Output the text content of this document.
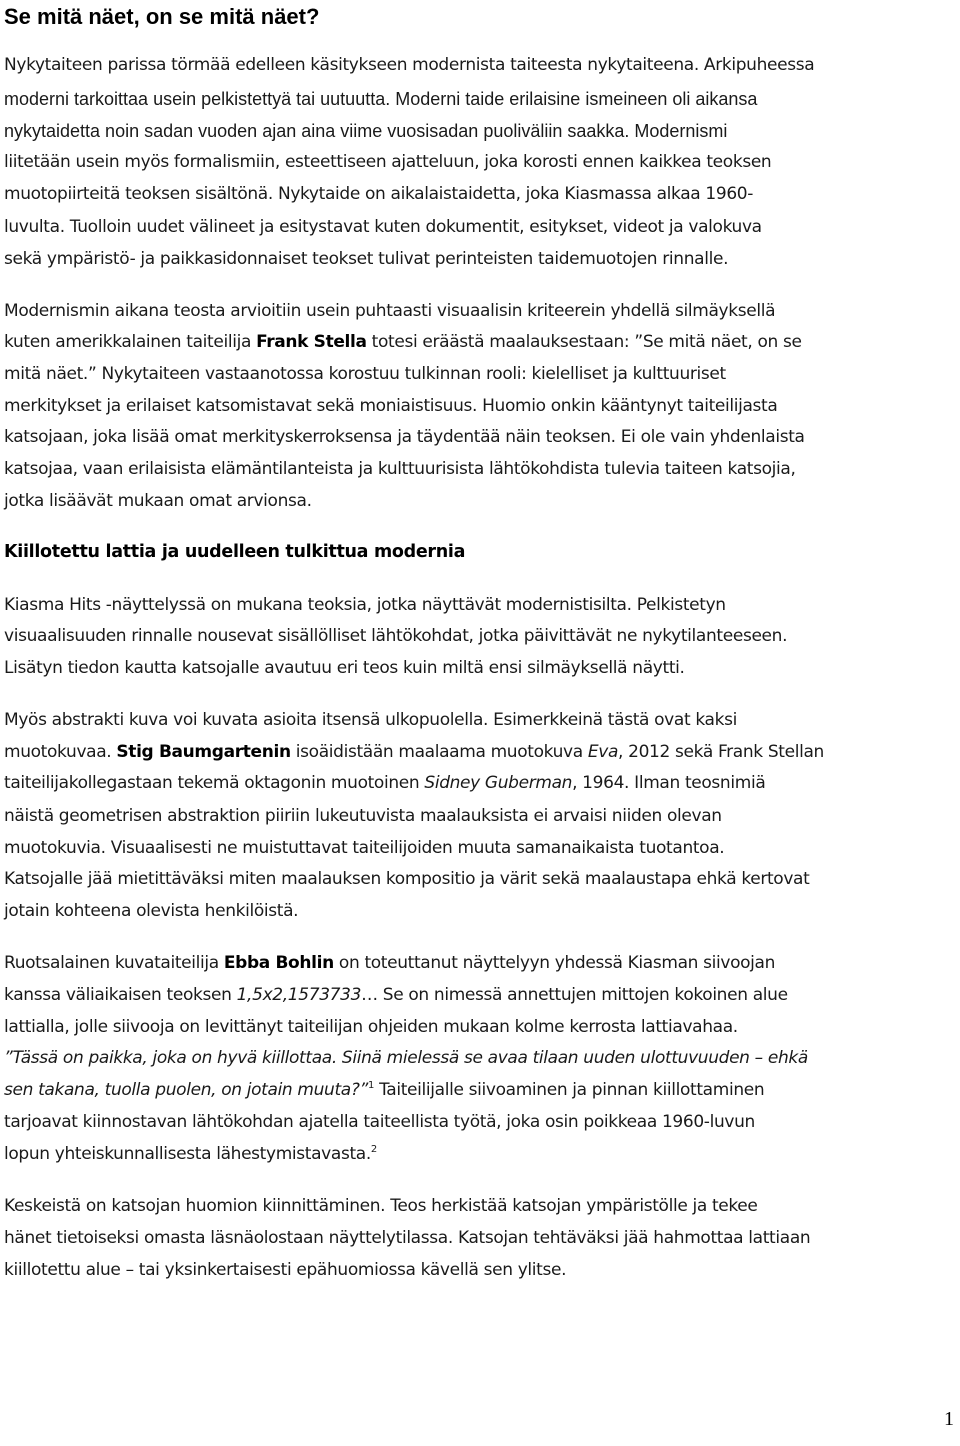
Se mitä näet, on se mitä näet?
Nykytaiteen parissa törmää edelleen käsitykseen modernista taiteesta nykytaiteena. Arkipuheessa
moderni tarkoittaa usein pelkistettyä tai uutuutta. Moderni taide erilaisine ismeineen oli aikansa
nykytaidetta noin sadan vuoden ajan aina viime vuosisadan puoliväliin saakka. Modernismi
liitetään usein myös formalismiin, esteettiseen ajatteluun, joka korosti ennen kaikkea teoksen
muotopiirteitä teoksen sisältönä. Nykytaide on aikalaistaidetta, joka Kiasmassa alkaa 1960-
luvulta. Tuolloin uudet välineet ja esitystavat kuten dokumentit, esitykset, videot ja valokuva
sekä ympäristö- ja paikkasidonnaiset teokset tulivat perinteisten taidemuotojen rinnalle.
Modernismin aikana teosta arvioitiin usein puhtaasti visuaalisin kriteerein yhdellä silmäyksellä
kuten amerikkalainen taiteilija Frank Stella totesi eräästä maalauksestaan: ”Se mitä näet, on se
mitä näet.” Nykytaiteen vastaanotossa korostuu tulkinnan rooli: kielelliset ja kulttuuriset
merkitykset ja erilaiset katsomistavat sekä moniaistisuus. Huomio onkin kääntynyt taiteilijasta
katsojaan, joka lisää omat merkityskerroksensa ja täydentää näin teoksen. Ei ole vain yhdenlaista
katsojaa, vaan erilaisista elämäntilanteista ja kulttuurisista lähtökohdista tulevia taiteen katsojia,
jotka lisäävät mukaan omat arvionsa.
Kiillotettu lattia ja uudelleen tulkittua modernia
Kiasma Hits -näyttelyssä on mukana teoksia, jotka näyttävät modernistisilta. Pelkistetyn
visuaalisuuden rinnalle nousevat sisällölliset lähtökohdat, jotka päivittävät ne nykytilanteeseen.
Lisätyn tiedon kautta katsojalle avautuu eri teos kuin miltä ensi silmäyksellä näytti.
Myös abstrakti kuva voi kuvata asioita itsensä ulkopuolella. Esimerkkeinä tästä ovat kaksi
muotokuvaa. Stig Baumgartenin isoäidistään maalaama muotokuva Eva, 2012 sekä Frank Stellan
taiteilijakollegastaan tekemä oktagonin muotoinen Sidney Guberman, 1964. Ilman teosnimiä
näistä geometrisen abstraktion piiriin lukeutuvista maalauksista ei arvaisi niiden olevan
muotokuvia. Visuaalisesti ne muistuttavat taiteilijoiden muuta samanaikaista tuotantoa.
Katsojalle jää mietittäväksi miten maalauksen kompositio ja värit sekä maalaustapa ehkä kertovat
jotain kohteena olevista henkilöistä.
Ruotsalainen kuvataiteilija Ebba Bohlin on toteuttanut näyttelyyn yhdessä Kiasman siivoojan
kanssa väliaikaisen teoksen 1,5x2,1573733… Se on nimessä annettujen mittojen kokoinen alue
lattialla, jolle siivooja on levittänyt taiteilijan ohjeiden mukaan kolme kerrosta lattiavahaa.
”Tässä on paikka, joka on hyvä kiillottaa. Siinä mielessä se avaa tilaan uuden ulottuvuuden – ehkä
sen takana, tuolla puolen, on jotain muuta?”$^1$ Taiteilijalle siivoaminen ja pinnan kiillottaminen
tarjoavat kiinnostavan lähtökohdan ajatella taiteellista työtä, joka osin poikkeaa 1960-luvun
lopun yhteiskunnallisesta lähestymistavasta.$^2$
Keskeistä on katsojan huomion kiinnittäminen. Teos herkistää katsojan ympäristölle ja tekee
hänet tietoiseksi omasta läsnäolostaan näyttelytilassa. Katsojan tehtäväksi jää hahmottaa lattiaan
kiillotettu alue – tai yksinkertaisesti epähuomiossa kävellä sen ylitse.
1
